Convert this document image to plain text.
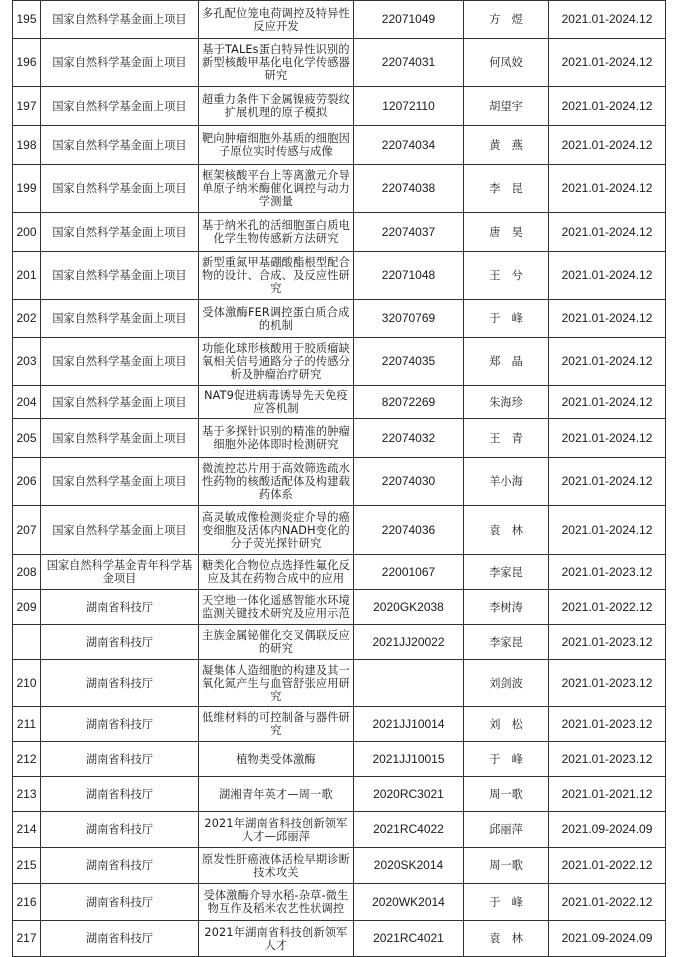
195	国家自然科学基金面上项目	多孔配位笼电荷调控及特异性反应开发	22071049	方　煜	2021.01-2024.12
196	国家自然科学基金面上项目	基于TALEs蛋白特异性识别的新型核酸甲基化电化学传感器研究	22074031	何凤姣	2021.01-2024.12
197	国家自然科学基金面上项目	超重力条件下金属镍疲劳裂纹扩展机理的原子模拟	12072110	胡望宇	2021.01-2024.12
198	国家自然科学基金面上项目	靶向肿瘤细胞外基质的细胞因子原位实时传感与成像	22074034	黄　燕	2021.01-2024.12
199	国家自然科学基金面上项目	框架核酸平台上等离激元介导单原子纳米酶催化调控与动力学测量	22074038	李　昆	2021.01-2024.12
200	国家自然科学基金面上项目	基于纳米孔的活细胞蛋白质电化学生物传感新方法研究	22074037	唐　昊	2021.01-2024.12
201	国家自然科学基金面上项目	新型重氮甲基硼酸酯根型配合物的设计、合成、及反应性研究	22071048	王　兮	2021.01-2024.12
202	国家自然科学基金面上项目	受体激酶FER调控蛋白质合成的机制	32070769	于　峰	2021.01-2024.12
203	国家自然科学基金面上项目	功能化球形核酸用于胶质瘤缺氧相关信号通路分子的传感分析及肿瘤治疗研究	22074035	郑　晶	2021.01-2024.12
204	国家自然科学基金面上项目	NAT9促进病毒诱导先天免疫应答机制	82072269	朱海珍	2021.01-2024.12
205	国家自然科学基金面上项目	基于多探针识别的精准的肿瘤细胞外泌体即时检测研究	22074032	王　青	2021.01-2024.12
206	国家自然科学基金面上项目	微流控芯片用于高效筛选疏水性药物的核酸适配体及构建载药体系	22074030	羊小海	2021.01-2024.12
207	国家自然科学基金面上项目	高灵敏成像检测炎症介导的癌变细胞及活体内NADH变化的分子荧光探针研究	22074036	袁　林	2021.01-2024.12
208	国家自然科学基金青年科学基金项目	糖类化合物位点选择性氟化反应及其在药物合成中的应用	22001067	李家昆	2021.01-2023.12
209	湖南省科技厅	天空地一体化遥感智能水环境监测关键技术研究及应用示范	2020GK2038	李树涛	2021.01-2022.12
	湖南省科技厅	主族金属铋催化交叉偶联反应的研究	2021JJ20022	李家昆	2021.01-2023.12
210	湖南省科技厅	凝集体人造细胞的构建及其一氧化氮产生与血管舒张应用研究		刘剑波	2021.01-2023.12
211	湖南省科技厅	低维材料的可控制备与器件研究	2021JJ10014	刘　松	2021.01-2023.12
212	湖南省科技厅	植物类受体激酶	2021JJ10015	于　峰	2021.01-2023.12
213	湖南省科技厅	湖湘青年英才—周一歌	2020RC3021	周一歌	2021.01-2021.12
214	湖南省科技厅	2021年湖南省科技创新领军人才—邱丽萍	2021RC4022	邱丽萍	2021.09-2024.09
215	湖南省科技厅	原发性肝癌液体活检早期诊断技术攻关	2020SK2014	周一歌	2021.01-2022.12
216	湖南省科技厅	受体激酶介导水稻-杂草-微生物互作及稻米农艺性状调控	2020WK2014	于　峰	2021.01-2022.12
217	湖南省科技厅	2021年湖南省科技创新领军人才	2021RC4021	袁　林	2021.09-2024.09
